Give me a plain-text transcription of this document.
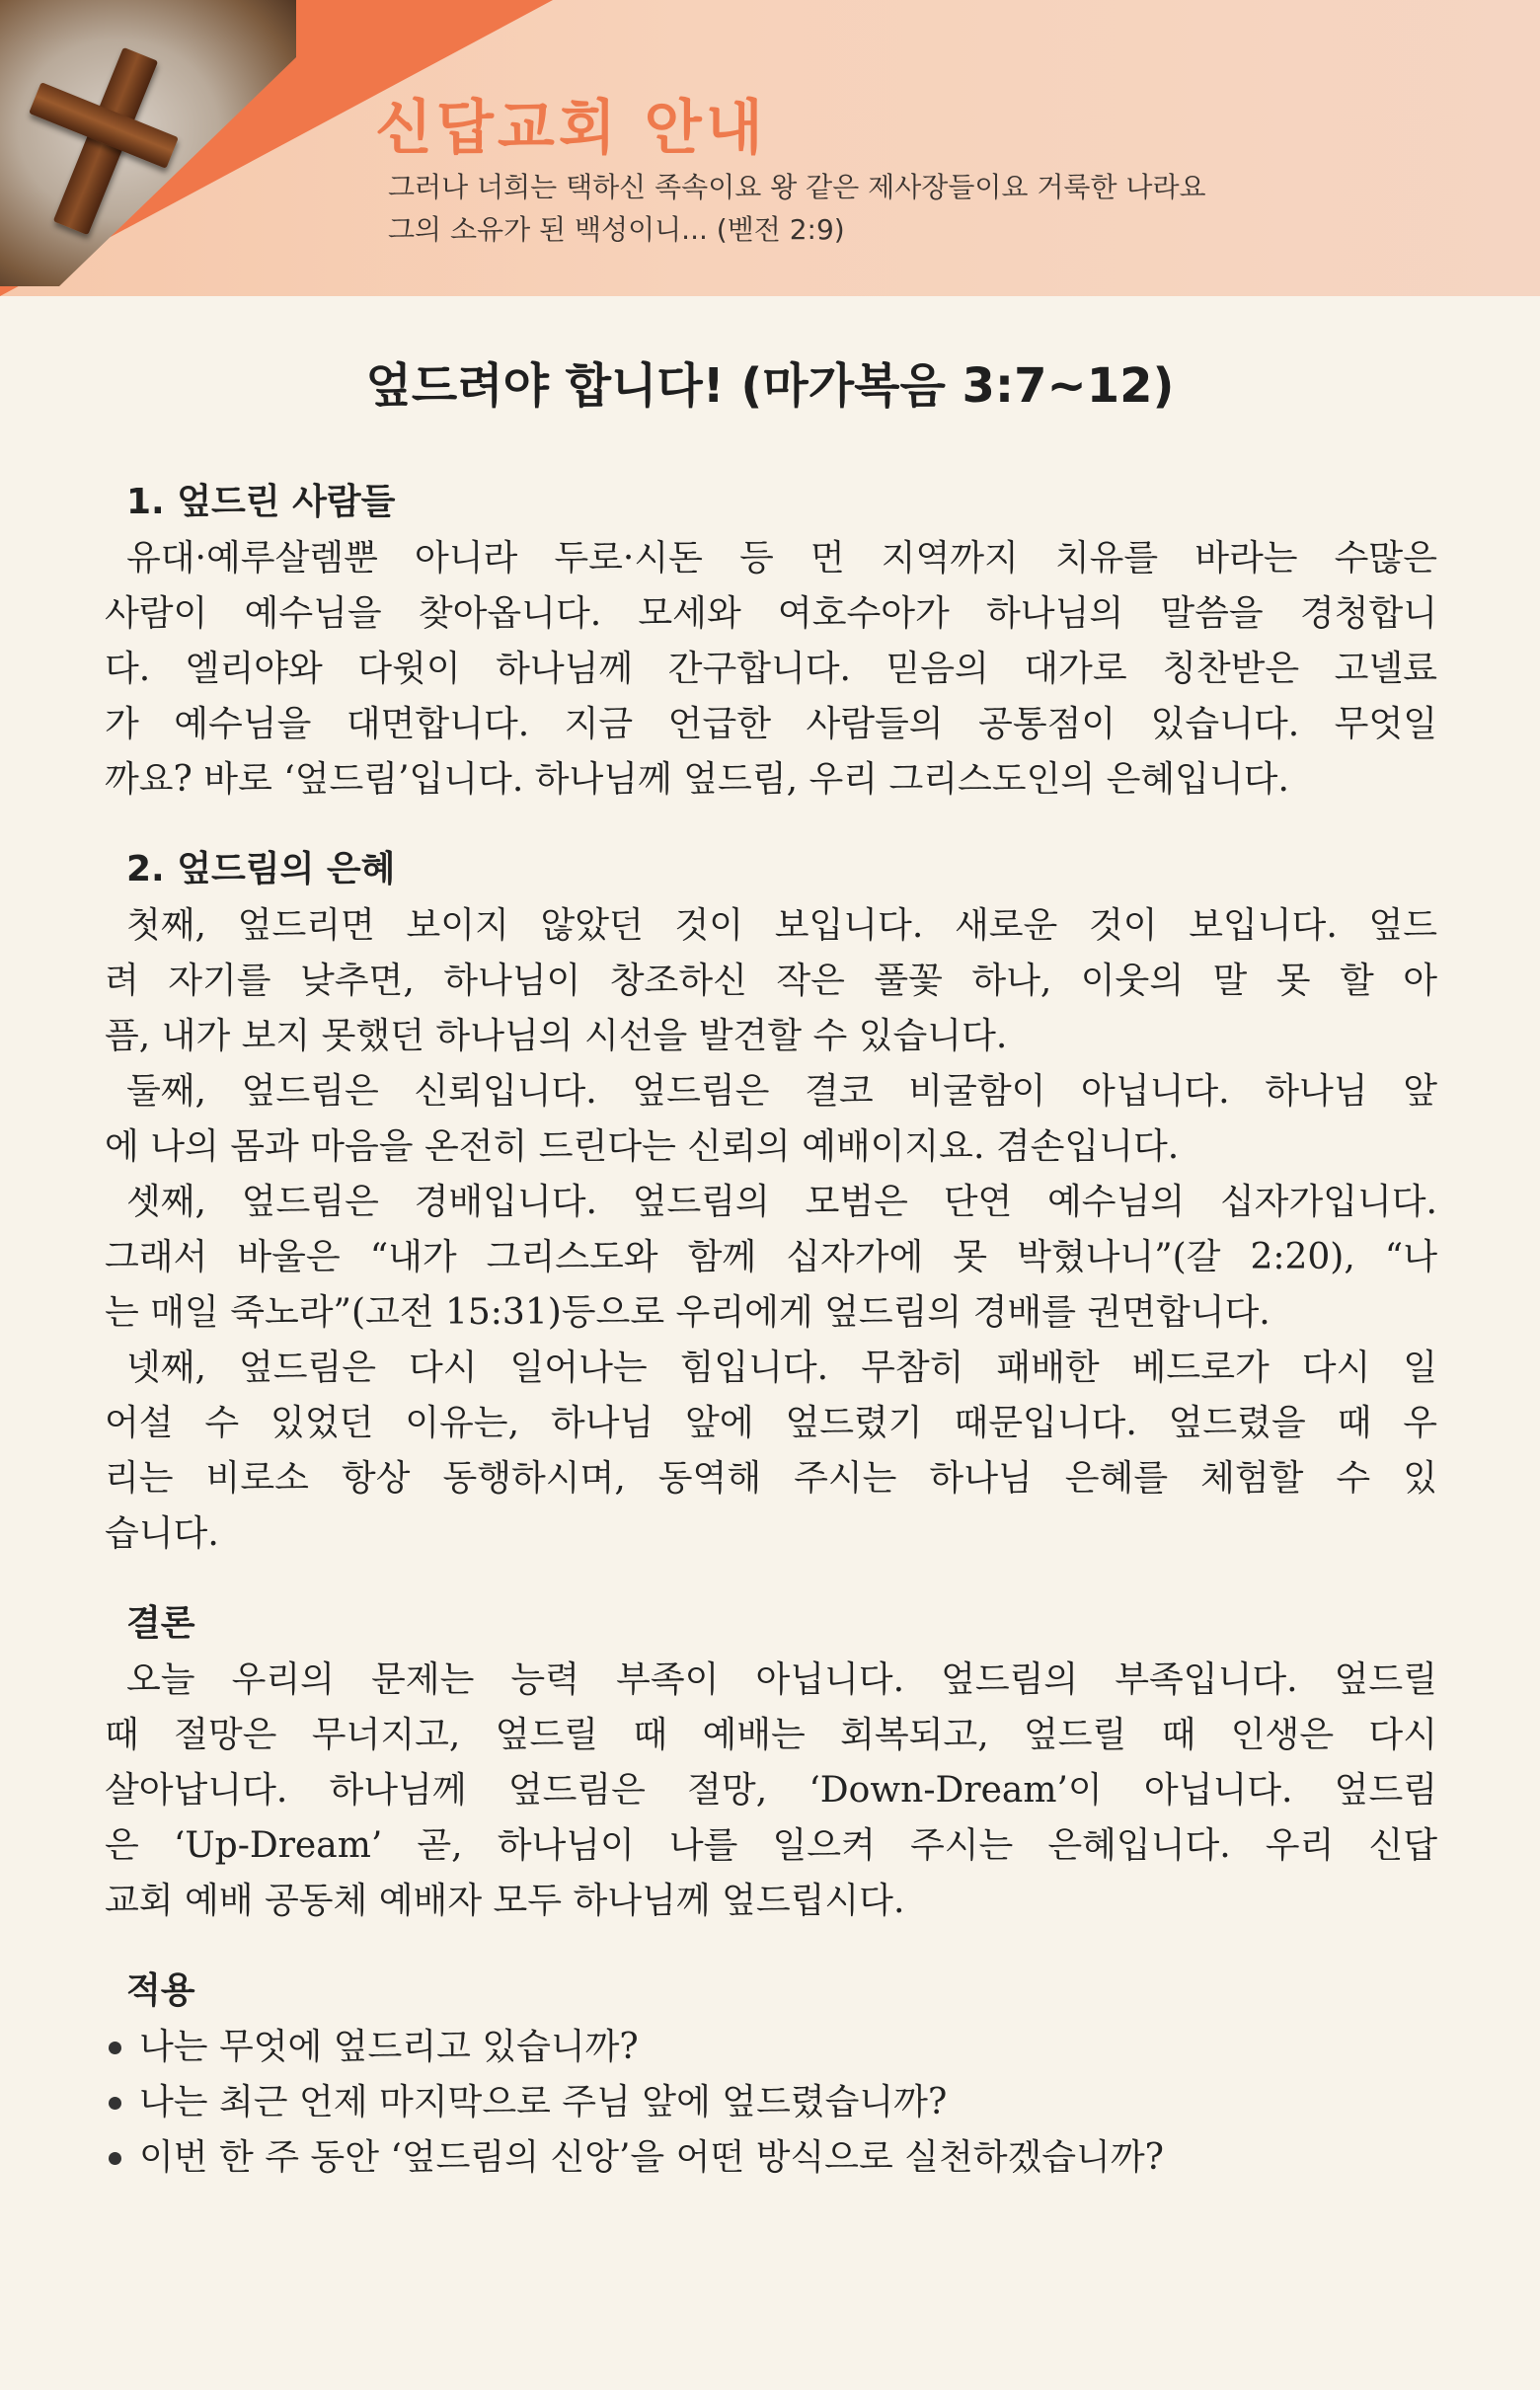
신답교회 안내
그러나 너희는 택하신 족속이요 왕 같은 제사장들이요 거룩한 나라요
그의 소유가 된 백성이니... (벧전 2:9)
엎드려야 합니다! (마가복음 3:7~12)
1. 엎드린 사람들
유대·예루살렘뿐 아니라 두로·시돈 등 먼 지역까지 치유를 바라는 수많은
사람이 예수님을 찾아옵니다. 모세와 여호수아가 하나님의 말씀을 경청합니
다. 엘리야와 다윗이 하나님께 간구합니다. 믿음의 대가로 칭찬받은 고넬료
가 예수님을 대면합니다. 지금 언급한 사람들의 공통점이 있습니다. 무엇일
까요? 바로 ‘엎드림’입니다. 하나님께 엎드림, 우리 그리스도인의 은혜입니다.
2. 엎드림의 은혜
첫째, 엎드리면 보이지 않았던 것이 보입니다. 새로운 것이 보입니다. 엎드
려 자기를 낮추면, 하나님이 창조하신 작은 풀꽃 하나, 이웃의 말 못 할 아
픔, 내가 보지 못했던 하나님의 시선을 발견할 수 있습니다.
둘째, 엎드림은 신뢰입니다. 엎드림은 결코 비굴함이 아닙니다. 하나님 앞
에 나의 몸과 마음을 온전히 드린다는 신뢰의 예배이지요. 겸손입니다.
셋째, 엎드림은 경배입니다. 엎드림의 모범은 단연 예수님의 십자가입니다.
그래서 바울은 “내가 그리스도와 함께 십자가에 못 박혔나니”(갈 2:20), “나
는 매일 죽노라”(고전 15:31)등으로 우리에게 엎드림의 경배를 권면합니다.
넷째, 엎드림은 다시 일어나는 힘입니다. 무참히 패배한 베드로가 다시 일
어설 수 있었던 이유는, 하나님 앞에 엎드렸기 때문입니다. 엎드렸을 때 우
리는 비로소 항상 동행하시며, 동역해 주시는 하나님 은혜를 체험할 수 있
습니다.
결론
오늘 우리의 문제는 능력 부족이 아닙니다. 엎드림의 부족입니다. 엎드릴
때 절망은 무너지고, 엎드릴 때 예배는 회복되고, 엎드릴 때 인생은 다시
살아납니다. 하나님께 엎드림은 절망, ‘Down-Dream’이 아닙니다. 엎드림
은 ‘Up-Dream’ 곧, 하나님이 나를 일으켜 주시는 은혜입니다. 우리 신답
교회 예배 공동체 예배자 모두 하나님께 엎드립시다.
적용
나는 무엇에 엎드리고 있습니까?
나는 최근 언제 마지막으로 주님 앞에 엎드렸습니까?
이번 한 주 동안 ‘엎드림의 신앙’을 어떤 방식으로 실천하겠습니까?
